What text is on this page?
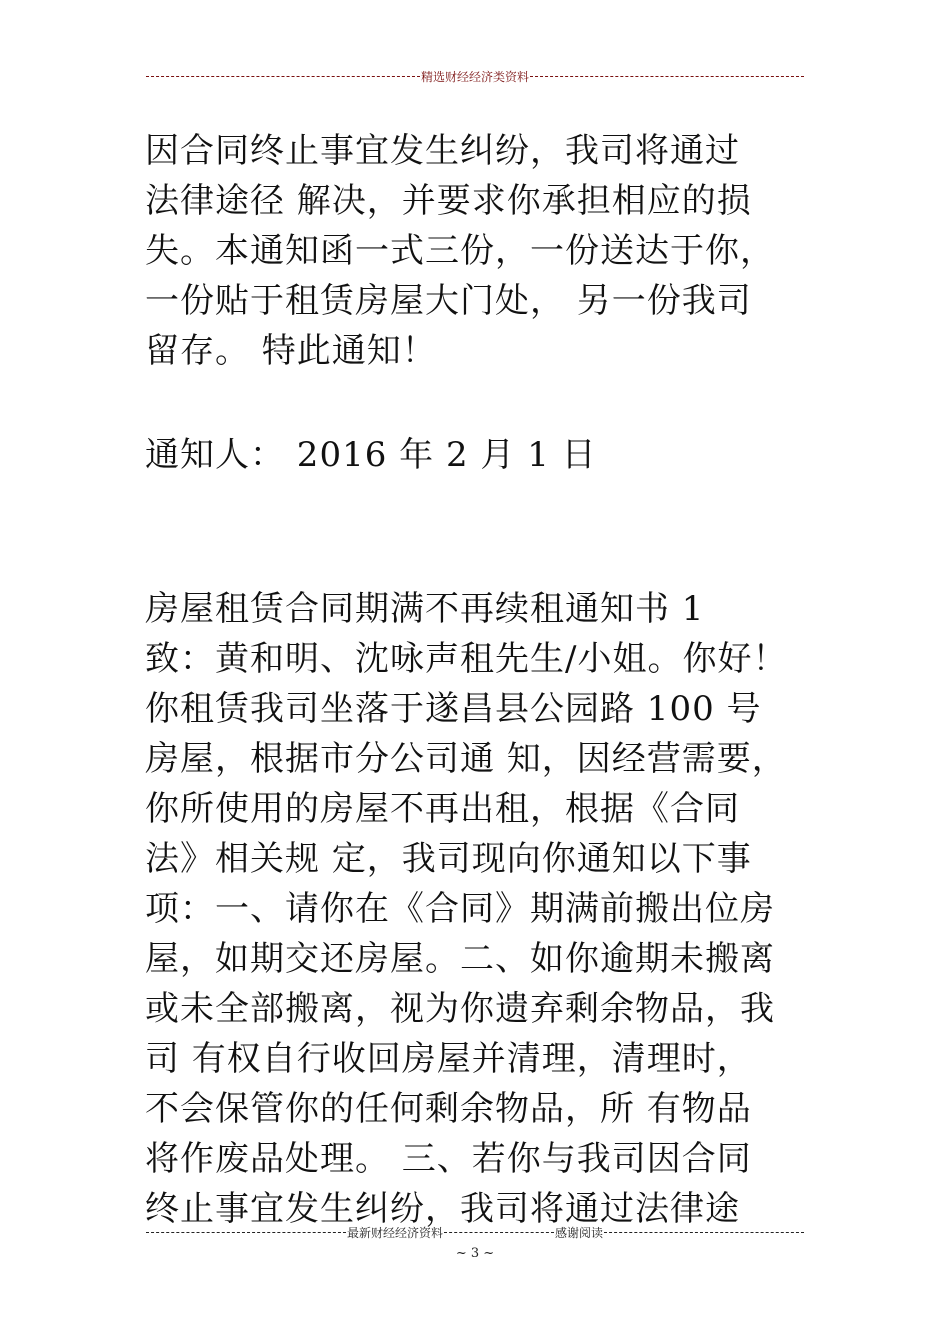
精选财经经济类资料

因合同终止事宜发生纠纷，我司将通过
法律途径 解决，并要求你承担相应的损
失。本通知函一式三份，一份送达于你，
一份贴于租赁房屋大门处， 另一份我司
留存。 特此通知！

通知人： 2016 年 2 月 1 日

房屋租赁合同期满不再续租通知书 1
致：黄和明、沈咏声租先生/小姐。你好！
你租赁我司坐落于遂昌县公园路 100 号
房屋，根据市分公司通 知，因经营需要，
你所使用的房屋不再出租，根据《合同
法》相关规 定，我司现向你通知以下事
项：一、请你在《合同》期满前搬出位房
屋，如期交还房屋。二、如你逾期未搬离
或未全部搬离，视为你遗弃剩余物品，我
司 有权自行收回房屋并清理，清理时，
不会保管你的任何剩余物品，所 有物品
将作废品处理。 三、若你与我司因合同
终止事宜发生纠纷，我司将通过法律途

最新财经经济资料	感谢阅读
~ 3 ~
